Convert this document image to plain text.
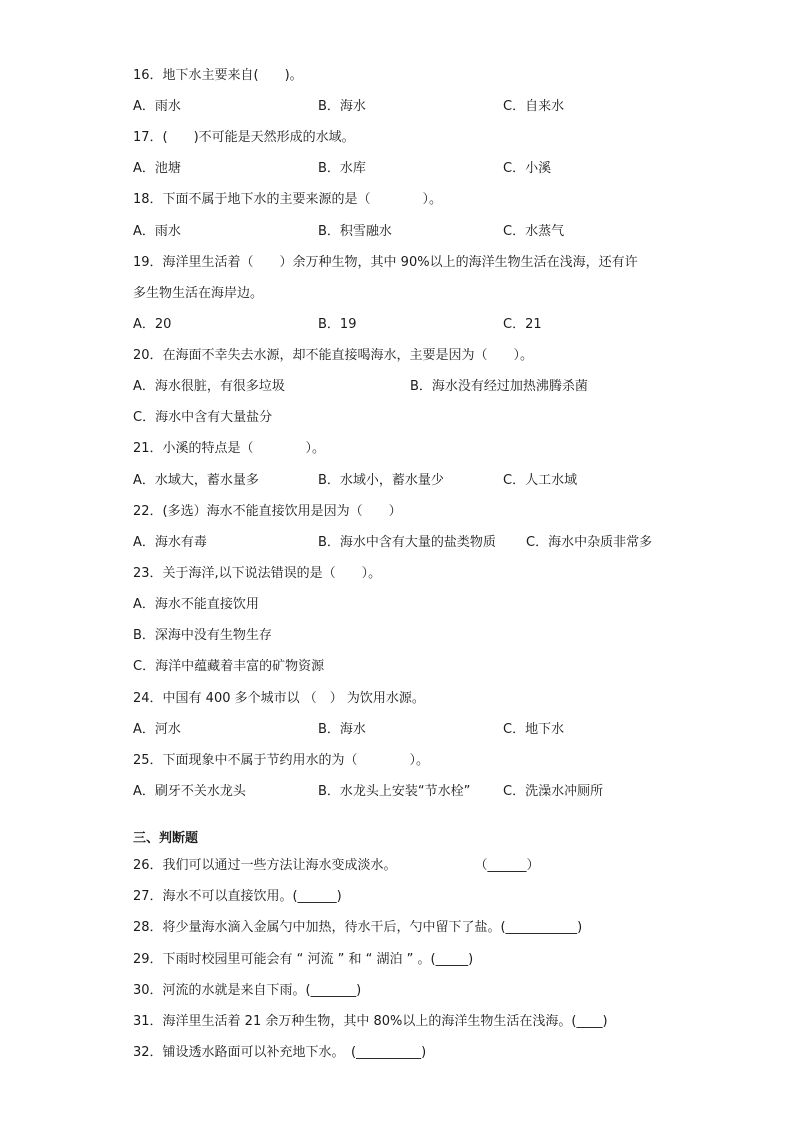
16．地下水主要来自(　　)。
A．雨水	B．海水	C．自来水
17．(　　)不可能是天然形成的水域。
A．池塘	B．水库	C．小溪
18．下面不属于地下水的主要来源的是（　　　　）。
A．雨水	B．积雪融水	C．水蒸气
19．海洋里生活着（　　）余万种生物，其中 90%以上的海洋生物生活在浅海，还有许
多生物生活在海岸边。
A．20	B．19	C．21
20．在海面不幸失去水源，却不能直接喝海水，主要是因为（　　）。
A．海水很脏，有很多垃圾	B．海水没有经过加热沸腾杀菌
C．海水中含有大量盐分
21．小溪的特点是（　　　　）。
A．水域大，蓄水量多	B．水域小，蓄水量少	C．人工水域
22．(多选）海水不能直接饮用是因为（　　）
A．海水有毒	B．海水中含有大量的盐类物质 C．海水中杂质非常多
23．关于海洋,以下说法错误的是（　　）。
A．海水不能直接饮用
B．深海中没有生物生存
C．海洋中蕴藏着丰富的矿物资源
24．中国有 400 多个城市以 （　） 为饮用水源。
A．河水	B．海水	C．地下水
25．下面现象中不属于节约用水的为（　　　　）。
A．刷牙不关水龙头	B．水龙头上安装“节水栓”	C．洗澡水冲厕所
三、判断题
26．我们可以通过一些方法让海水变成淡水。　　　　　　　（______）
27．海水不可以直接饮用。(______)
28．将少量海水滴入金属勺中加热，待水干后，勺中留下了盐。(___________)
29．下雨时校园里可能会有 “ 河流 ” 和 “ 湖泊 ” 。(_____)
30．河流的水就是来自下雨。(_______)
31．海洋里生活着 21 余万种生物，其中 80%以上的海洋生物生活在浅海。(____)
32．铺设透水路面可以补充地下水。　(__________)
